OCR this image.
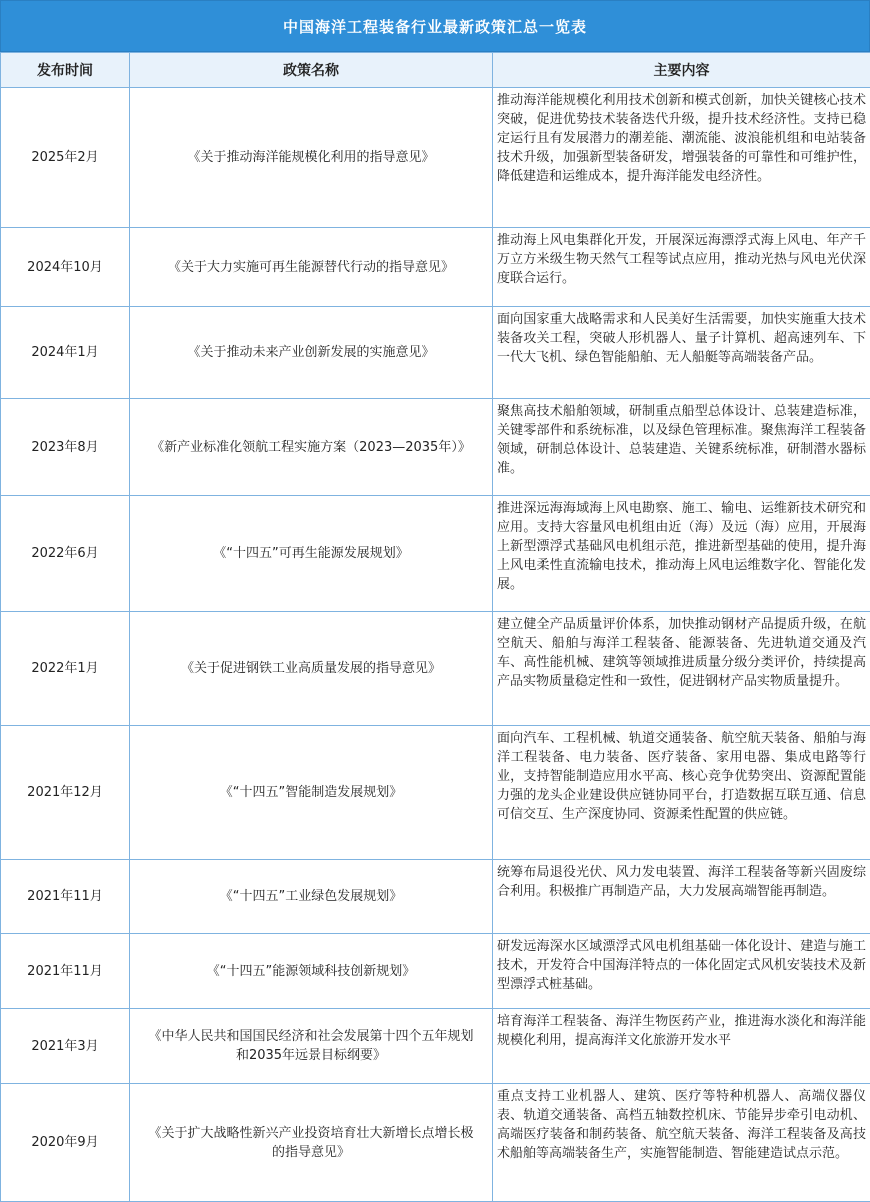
中国海洋工程装备行业最新政策汇总一览表
发布时间	政策名称	主要内容
2025年2月	《关于推动海洋能规模化利用的指导意见》	推动海洋能规模化利用技术创新和模式创新，加快关键核心技术突破，促进优势技术装备迭代升级，提升技术经济性。支持已稳定运行且有发展潜力的潮差能、潮流能、波浪能机组和电站装备技术升级，加强新型装备研发，增强装备的可靠性和可维护性，降低建造和运维成本，提升海洋能发电经济性。

2024年10月	《关于大力实施可再生能源替代行动的指导意见》	推动海上风电集群化开发，开展深远海漂浮式海上风电、年产千万立方米级生物天然气工程等试点应用，推动光热与风电光伏深度联合运行。

2024年1月	《关于推动未来产业创新发展的实施意见》	面向国家重大战略需求和人民美好生活需要，加快实施重大技术装备攻关工程，突破人形机器人、量子计算机、超高速列车、下一代大飞机、绿色智能船舶、无人船艇等高端装备产品。

2023年8月	《新产业标准化领航工程实施方案（2023—2035年）》	聚焦高技术船舶领域，研制重点船型总体设计、总装建造标准，关键零部件和系统标准，以及绿色管理标准。聚焦海洋工程装备领域，研制总体设计、总装建造、关键系统标准，研制潜水器标准。

2022年6月	《“十四五”可再生能源发展规划》	推进深远海海域海上风电勘察、施工、输电、运维新技术研究和应用。支持大容量风电机组由近（海）及远（海）应用，开展海上新型漂浮式基础风电机组示范，推进新型基础的使用，提升海上风电柔性直流输电技术，推动海上风电运维数字化、智能化发展。

2022年1月	《关于促进钢铁工业高质量发展的指导意见》	建立健全产品质量评价体系，加快推动钢材产品提质升级，在航空航天、船舶与海洋工程装备、能源装备、先进轨道交通及汽车、高性能机械、建筑等领域推进质量分级分类评价，持续提高产品实物质量稳定性和一致性，促进钢材产品实物质量提升。

2021年12月	《“十四五”智能制造发展规划》	面向汽车、工程机械、轨道交通装备、航空航天装备、船舶与海洋工程装备、电力装备、医疗装备、家用电器、集成电路等行业，支持智能制造应用水平高、核心竞争优势突出、资源配置能力强的龙头企业建设供应链协同平台，打造数据互联互通、信息可信交互、生产深度协同、资源柔性配置的供应链。

2021年11月	《“十四五”工业绿色发展规划》	统筹布局退役光伏、风力发电装置、海洋工程装备等新兴固废综合利用。积极推广再制造产品，大力发展高端智能再制造。

2021年11月	《“十四五”能源领域科技创新规划》	研发远海深水区域漂浮式风电机组基础一体化设计、建造与施工技术，开发符合中国海洋特点的一体化固定式风机安装技术及新型漂浮式桩基础。

2021年3月	《中华人民共和国国民经济和社会发展第十四个五年规划和2035年远景目标纲要》	培育海洋工程装备、海洋生物医药产业，推进海水淡化和海洋能规模化利用，提高海洋文化旅游开发水平

2020年9月	《关于扩大战略性新兴产业投资培育壮大新增长点增长极的指导意见》	重点支持工业机器人、建筑、医疗等特种机器人、高端仪器仪表、轨道交通装备、高档五轴数控机床、节能异步牵引电动机、高端医疗装备和制药装备、航空航天装备、海洋工程装备及高技术船舶等高端装备生产，实施智能制造、智能建造试点示范。
